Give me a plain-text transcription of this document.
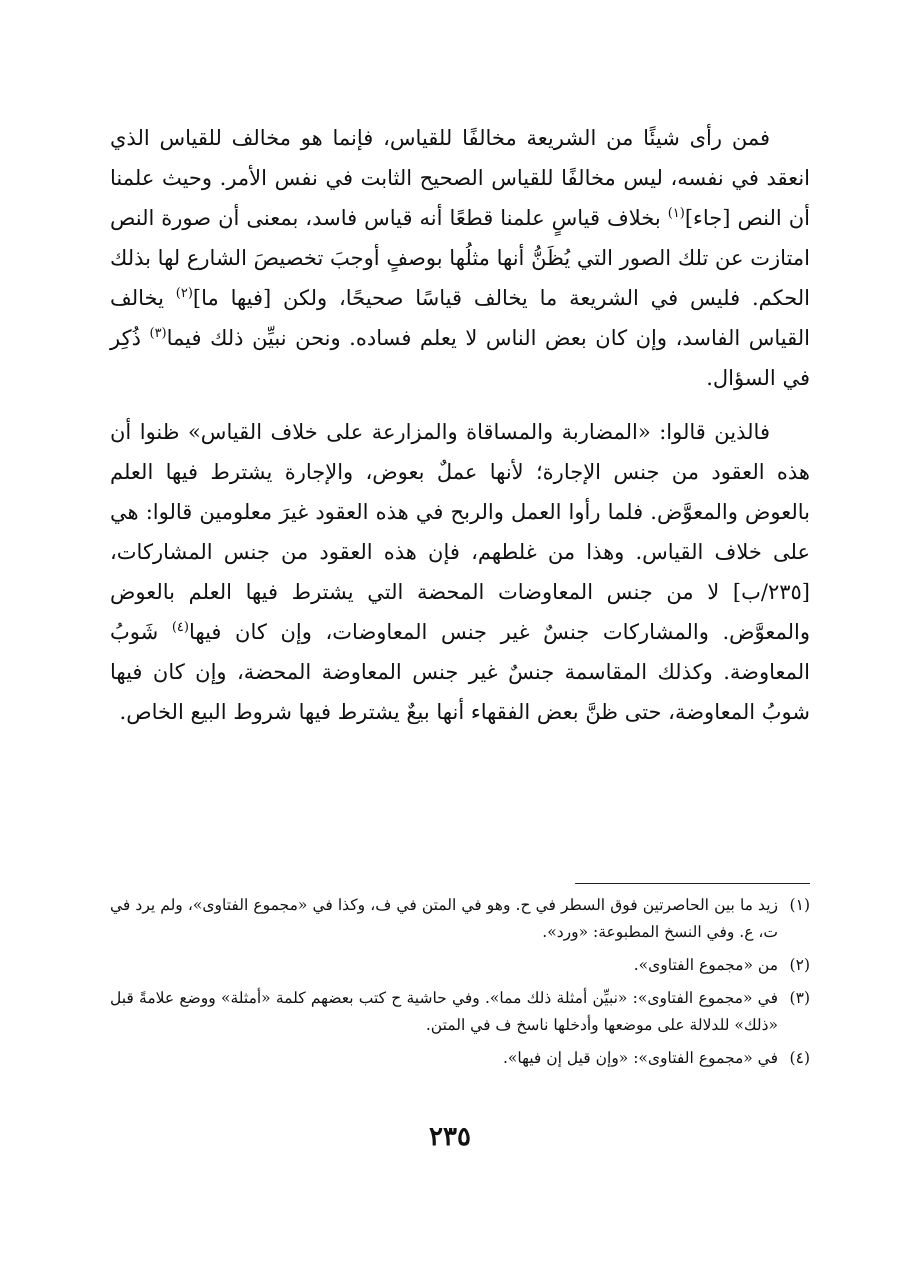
فمن رأى شيئًا من الشريعة مخالفًا للقياس، فإنما هو مخالف للقياس الذي انعقد في نفسه، ليس مخالفًا للقياس الصحيح الثابت في نفس الأمر. وحيث علمنا أن النص [جاء]$^{(١)}$ بخلاف قياسٍ علمنا قطعًا أنه قياس فاسد، بمعنى أن صورة النص امتازت عن تلك الصور التي يُظَنُّ أنها مثلُها بوصفٍ أوجبَ تخصيصَ الشارع لها بذلك الحكم. فليس في الشريعة ما يخالف قياسًا صحيحًا، ولكن [فيها ما]$^{(٢)}$ يخالف القياس الفاسد، وإن كان بعض الناس لا يعلم فساده. ونحن نبيِّن ذلك فيما$^{(٣)}$ ذُكِر في السؤال.

فالذين قالوا: «المضاربة والمساقاة والمزارعة على خلاف القياس» ظنوا أن هذه العقود من جنس الإجارة؛ لأنها عملٌ بعوض، والإجارة يشترط فيها العلم بالعوض والمعوَّض. فلما رأوا العمل والربح في هذه العقود غيرَ معلومين قالوا: هي على خلاف القياس. وهذا من غلطهم، فإن هذه العقود من جنس المشاركات، [٢٣٥/ب] لا من جنس المعاوضات المحضة التي يشترط فيها العلم بالعوض والمعوَّض. والمشاركات جنسٌ غير جنس المعاوضات، وإن كان فيها$^{(٤)}$ شَوبُ المعاوضة. وكذلك المقاسمة جنسٌ غير جنس المعاوضة المحضة، وإن كان فيها شوبُ المعاوضة، حتى ظنَّ بعض الفقهاء أنها بيعٌ يشترط فيها شروط البيع الخاص.

(١)
زيد ما بين الحاصرتين فوق السطر في ح. وهو في المتن في ف، وكذا في «مجموع الفتاوى»، ولم يرد في ت، ع. وفي النسخ المطبوعة: «ورد».
(٢)
من «مجموع الفتاوى».
(٣)
في «مجموع الفتاوى»: «نبيِّن أمثلة ذلك مما». وفي حاشية ح كتب بعضهم كلمة «أمثلة» ووضع علامةً قبل «ذلك» للدلالة على موضعها وأدخلها ناسخ ف في المتن.
(٤)
في «مجموع الفتاوى»: «وإن قيل إن فيها».
٢٣٥
